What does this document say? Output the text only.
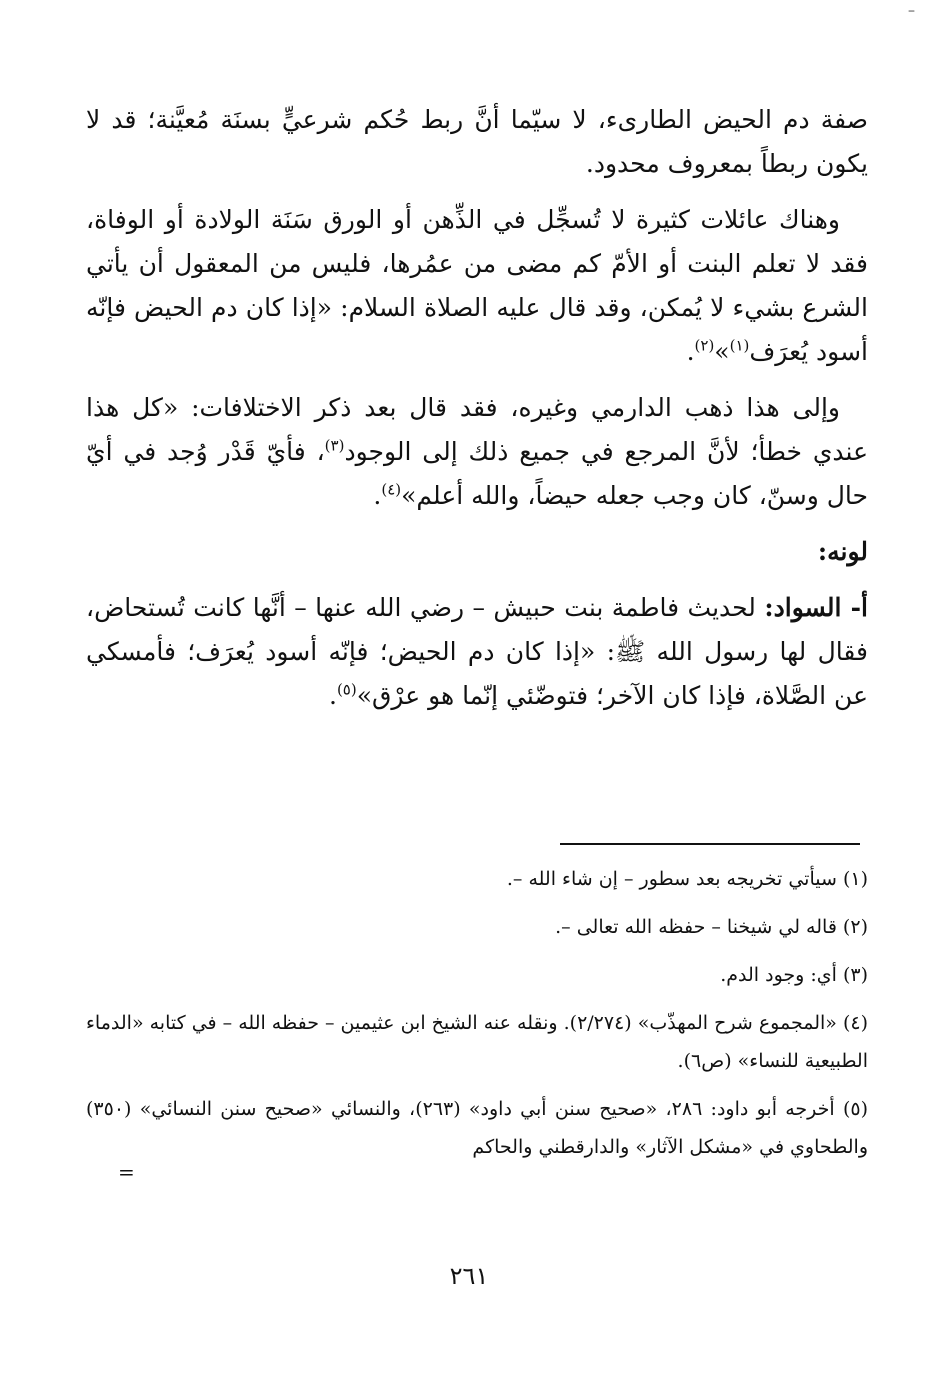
–

صفة دم الحيض الطارىء، لا سيّما أنَّ ربط حُكم شرعيٍّ بسنَة مُعيَّنة؛ قد لا يكون ربطاً بمعروف محدود.

وهناك عائلات كثيرة لا تُسجِّل في الذِّهن أو الورق سَنَة الولادة أو الوفاة، فقد لا تعلم البنت أو الأمّ كم مضى من عمُرها، فليس من المعقول أن يأتي الشرع بشيء لا يُمكن، وقد قال عليه الصلاة السلام: «إذا كان دم الحيض فإنّه أسود يُعرَف$^{(١)}$»$^{(٢)}$.

وإلى هذا ذهب الدارمي وغيره، فقد قال بعد ذكر الاختلافات: «كل هذا عندي خطأ؛ لأنَّ المرجع في جميع ذلك إلى الوجود$^{(٣)}$، فأيّ قَدْر وُجد في أيّ حال وسنّ، كان وجب جعله حيضاً، والله أعلم»$^{(٤)}$.

لونه:

أ- السواد: لحديث فاطمة بنت حبيش – رضي الله عنها – أنَّها كانت تُستحاض، فقال لها رسول الله ﷺ: «إذا كان دم الحيض؛ فإنّه أسود يُعرَف؛ فأمسكي عن الصَّلاة، فإذا كان الآخر؛ فتوضّئي إنّما هو عرْق»$^{(٥)}$.

(١) سيأتي تخريجه بعد سطور – إن شاء الله –.
(٢) قاله لي شيخنا – حفظه الله تعالى –.
(٣) أي: وجود الدم.
(٤) «المجموع شرح المهذّب» (٢/٢٧٤). ونقله عنه الشيخ ابن عثيمين – حفظه الله – في كتابه «الدماء الطبيعية للنساء» (ص٦).
(٥) أخرجه أبو داود: ٢٨٦، «صحيح سنن أبي داود» (٢٦٣)، والنسائي «صحيح سنن النسائي» (٣٥٠) والطحاوي في «مشكل الآثار» والدارقطني والحاكم
=
٢٦١
